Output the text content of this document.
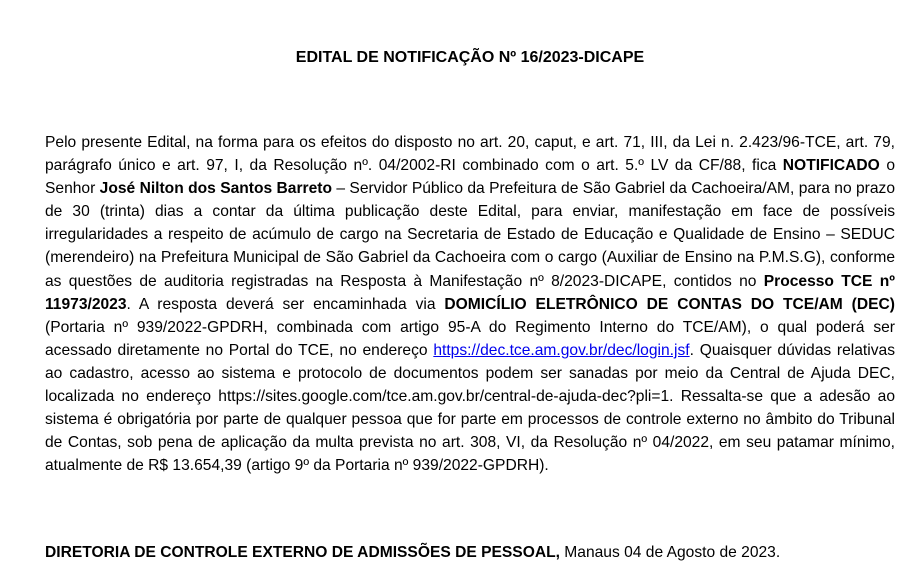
EDITAL DE NOTIFICAÇÃO Nº 16/2023-DICAPE

Pelo presente Edital, na forma para os efeitos do disposto no art. 20, caput, e art. 71, III, da Lei n. 2.423/96-TCE, art. 79, parágrafo único e art. 97, I, da Resolução nº. 04/2002-RI combinado com o art. 5.º LV da CF/88, fica NOTIFICADO o Senhor José Nilton dos Santos Barreto – Servidor Público da Prefeitura de São Gabriel da Cachoeira/AM, para no prazo de 30 (trinta) dias a contar da última publicação deste Edital, para enviar, manifestação em face de possíveis irregularidades a respeito de acúmulo de cargo na Secretaria de Estado de Educação e Qualidade de Ensino – SEDUC (merendeiro) na Prefeitura Municipal de São Gabriel da Cachoeira com o cargo (Auxiliar de Ensino na P.M.S.G), conforme as questões de auditoria registradas na Resposta à Manifestação nº 8/2023-DICAPE, contidos no Processo TCE nº 11973/2023. A resposta deverá ser encaminhada via DOMICÍLIO ELETRÔNICO DE CONTAS DO TCE/AM (DEC) (Portaria nº 939/2022-GPDRH, combinada com artigo 95-A do Regimento Interno do TCE/AM), o qual poderá ser acessado diretamente no Portal do TCE, no endereço https://dec.tce.am.gov.br/dec/login.jsf. Quaisquer dúvidas relativas ao cadastro, acesso ao sistema e protocolo de documentos podem ser sanadas por meio da Central de Ajuda DEC, localizada no endereço https://sites.google.com/tce.am.gov.br/central-de-ajuda-dec?pli=1. Ressalta-se que a adesão ao sistema é obrigatória por parte de qualquer pessoa que for parte em processos de controle externo no âmbito do Tribunal de Contas, sob pena de aplicação da multa prevista no art. 308, VI, da Resolução nº 04/2022, em seu patamar mínimo, atualmente de R$ 13.654,39 (artigo 9º da Portaria nº 939/2022-GPDRH).

DIRETORIA DE CONTROLE EXTERNO DE ADMISSÕES DE PESSOAL, Manaus 04 de Agosto de 2023.
